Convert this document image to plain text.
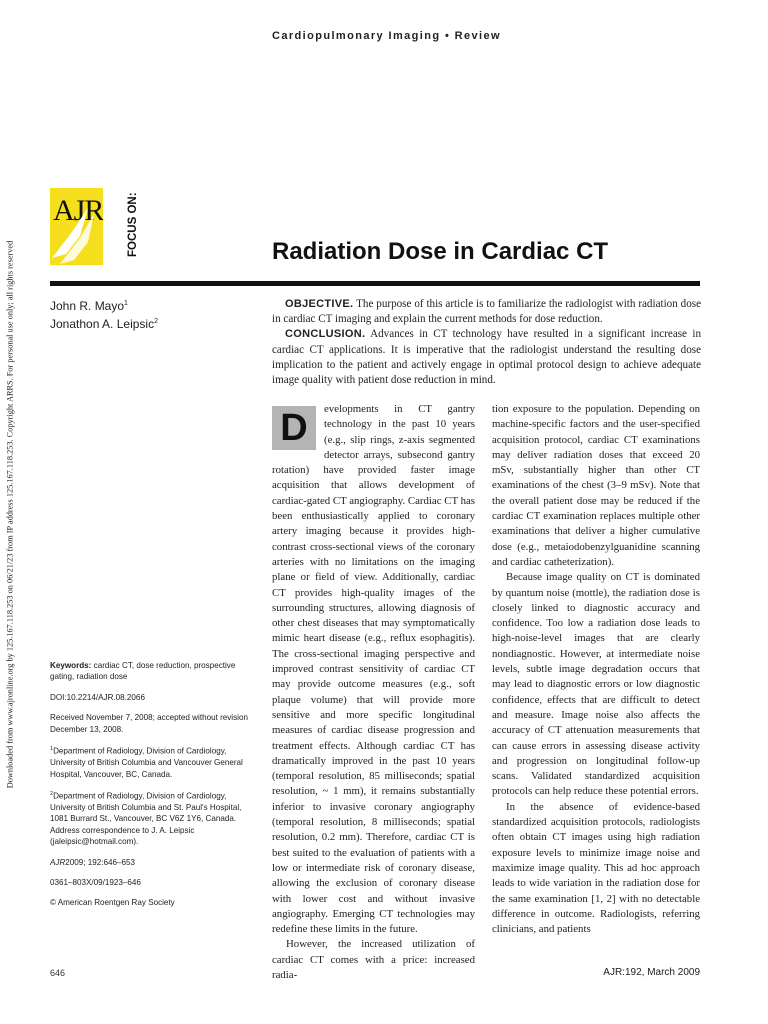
Downloaded from www.ajronline.org by 125.167.118.253 on 06/21/23 from IP address 125.167.118.253. Copyright ARRS. For personal use only; all rights reserved
Cardiopulmonary Imaging • Review
AJR FOCUS ON:	Radiation Dose in Cardiac CT
John R. Mayo$^1$
Jonathon A. Leipsic$^2$

OBJECTIVE. The purpose of this article is to familiarize the radiologist with radiation dose in cardiac CT imaging and explain the current methods for dose reduction.

CONCLUSION. Advances in CT technology have resulted in a significant increase in cardiac CT applications. It is imperative that the radiologist understand the resulting dose implication to the patient and actively engage in optimal protocol design to achieve adequate image quality with patient dose reduction in mind.

D	evelopments in CT gantry technology in the past 10 years (e.g., slip rings, z-axis segmented detector arrays, subsecond gantry rotation) have provided faster image acquisition that allows development of cardiac-gated CT angiography. Cardiac CT has been enthusiastically applied to coronary artery imaging because it provides high-contrast cross-sectional views of the coronary arteries with no limitations on the imaging plane or field of view. Additionally, cardiac CT provides high-quality images of the surrounding structures, allowing diagnosis of other chest diseases that may symptomatically mimic heart disease (e.g., reflux esophagitis). The cross-sectional imaging perspective and improved contrast sensitivity of cardiac CT may provide outcome measures (e.g., soft plaque volume) that will provide more sensitive and more specific longitudinal measures of cardiac disease progression and treatment effects. Although cardiac CT has dramatically improved in the past 10 years (temporal resolution, 85 milliseconds; spatial resolution, ~ 1 mm), it remains substantially inferior to invasive coronary angiography (temporal resolution, 8 milliseconds; spatial resolution, 0.2 mm). Therefore, cardiac CT is best suited to the evaluation of patients with a low or intermediate risk of coronary disease, allowing the exclusion of coronary disease with lower cost and without invasive angiography. Emerging CT technologies may redefine these limits in the future.

However, the increased utilization of cardiac CT comes with a price: increased radia-

tion exposure to the population. Depending on machine-specific factors and the user-specified acquisition protocol, cardiac CT examinations may deliver radiation doses that exceed 20 mSv, substantially higher than other CT examinations of the chest (3–9 mSv). Note that the overall patient dose may be reduced if the cardiac CT examination replaces multiple other examinations that deliver a higher cumulative dose (e.g., metaiodobenzylguanidine scanning and cardiac catheterization).

Because image quality on CT is dominated by quantum noise (mottle), the radiation dose is closely linked to diagnostic accuracy and confidence. Too low a radiation dose leads to high-noise-level images that are clearly nondiagnostic. However, at intermediate noise levels, subtle image degradation occurs that may lead to diagnostic errors or low diagnostic confidence, effects that are difficult to detect and measure. Image noise also affects the accuracy of CT attenuation measurements that can cause errors in assessing disease activity and progression on longitudinal follow-up scans. Validated standardized acquisition protocols can help reduce these potential errors.

In the absence of evidence-based standardized acquisition protocols, radiologists often obtain CT images using high radiation exposure levels to minimize image noise and maximize image quality. This ad hoc approach leads to wide variation in the radiation dose for the same examination [1, 2] with no detectable difference in outcome. Radiologists, referring clinicians, and patients

Keywords: cardiac CT, dose reduction, prospective gating, radiation dose

DOI:10.2214/AJR.08.2066

Received November 7, 2008; accepted without revision December 13, 2008.

$^1$Department of Radiology, Division of Cardiology, University of British Columbia and Vancouver General Hospital, Vancouver, BC, Canada.

$^2$Department of Radiology, Division of Cardiology, University of British Columbia and St. Paul's Hospital, 1081 Burrard St., Vancouver, BC V6Z 1Y6, Canada. Address correspondence to J. A. Leipsic (jaleipsic@hotmail.com).

AJR2009; 192:646–653

0361–803X/09/1923–646

© American Roentgen Ray Society

646	AJR:192, March 2009
